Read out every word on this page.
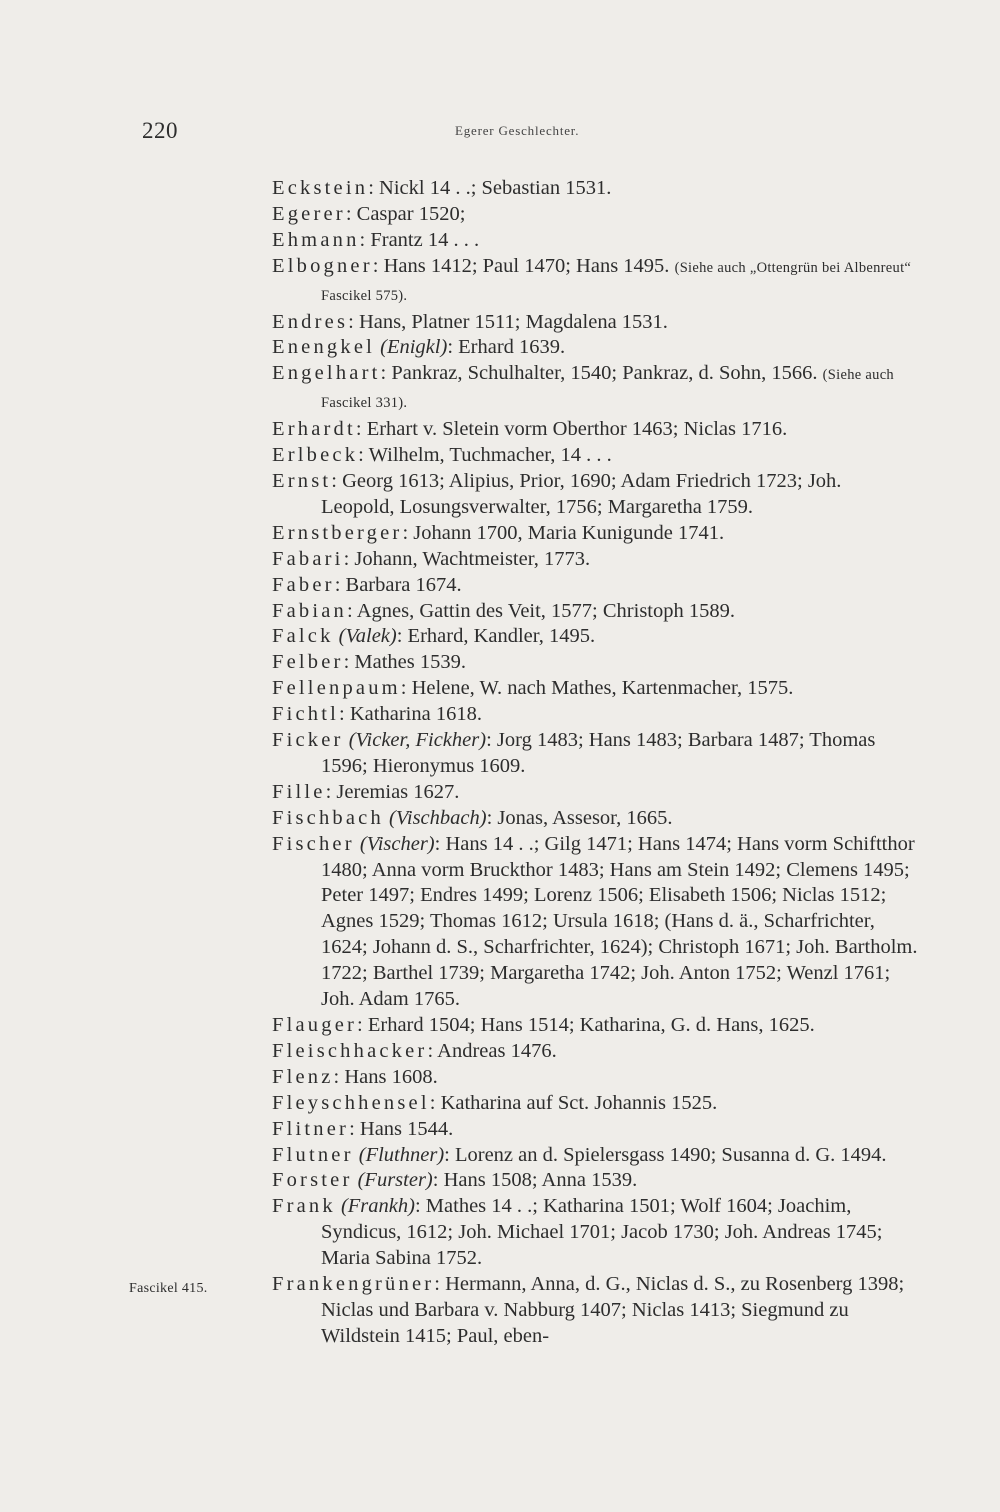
220	Egerer Geschlechter.
Eckstein: Nickl 14 . .; Sebastian 1531.
Egerer: Caspar 1520;
Ehmann: Frantz 14 . . .
Elbogner: Hans 1412; Paul 1470; Hans 1495. (Siehe auch „Ottengrün bei Albenreut“ Fascikel 575).
Endres: Hans, Platner 1511; Magdalena 1531.
Enengkel (Enigkl): Erhard 1639.
Engelhart: Pankraz, Schulhalter, 1540; Pankraz, d. Sohn, 1566. (Siehe auch Fascikel 331).
Erhardt: Erhart v. Sletein vorm Oberthor 1463; Niclas 1716.
Erlbeck: Wilhelm, Tuchmacher, 14 . . .
Ernst: Georg 1613; Alipius, Prior, 1690; Adam Friedrich 1723; Joh. Leopold, Losungsverwalter, 1756; Margaretha 1759.
Ernstberger: Johann 1700, Maria Kunigunde 1741.
Fabari: Johann, Wachtmeister, 1773.
Faber: Barbara 1674.
Fabian: Agnes, Gattin des Veit, 1577; Christoph 1589.
Falck (Valek): Erhard, Kandler, 1495.
Felber: Mathes 1539.
Fellenpaum: Helene, W. nach Mathes, Kartenmacher, 1575.
Fichtl: Katharina 1618.
Ficker (Vicker, Fickher): Jorg 1483; Hans 1483; Barbara 1487; Thomas 1596; Hieronymus 1609.
Fille: Jeremias 1627.
Fischbach (Vischbach): Jonas, Assesor, 1665.
Fischer (Vischer): Hans 14 . .; Gilg 1471; Hans 1474; Hans vorm Schiftthor 1480; Anna vorm Bruckthor 1483; Hans am Stein 1492; Clemens 1495; Peter 1497; Endres 1499; Lorenz 1506; Elisabeth 1506; Niclas 1512; Agnes 1529; Thomas 1612; Ursula 1618; (Hans d. ä., Scharfrichter, 1624; Johann d. S., Scharfrichter, 1624); Christoph 1671; Joh. Bartholm. 1722; Barthel 1739; Margaretha 1742; Joh. Anton 1752; Wenzl 1761; Joh. Adam 1765.
Flauger: Erhard 1504; Hans 1514; Katharina, G. d. Hans, 1625.
Fleischhacker: Andreas 1476.
Flenz: Hans 1608.
Fleyschhensel: Katharina auf Sct. Johannis 1525.
Flitner: Hans 1544.
Flutner (Fluthner): Lorenz an d. Spielersgass 1490; Susanna d. G. 1494.
Forster (Furster): Hans 1508; Anna 1539.
Frank (Frankh): Mathes 14 . .; Katharina 1501; Wolf 1604; Joachim, Syndicus, 1612; Joh. Michael 1701; Jacob 1730; Joh. Andreas 1745; Maria Sabina 1752.
Fascikel 415.	Frankengrüner: Hermann, Anna, d. G., Niclas d. S., zu Rosenberg 1398; Niclas und Barbara v. Nabburg 1407; Niclas 1413; Siegmund zu Wildstein 1415; Paul, eben-
